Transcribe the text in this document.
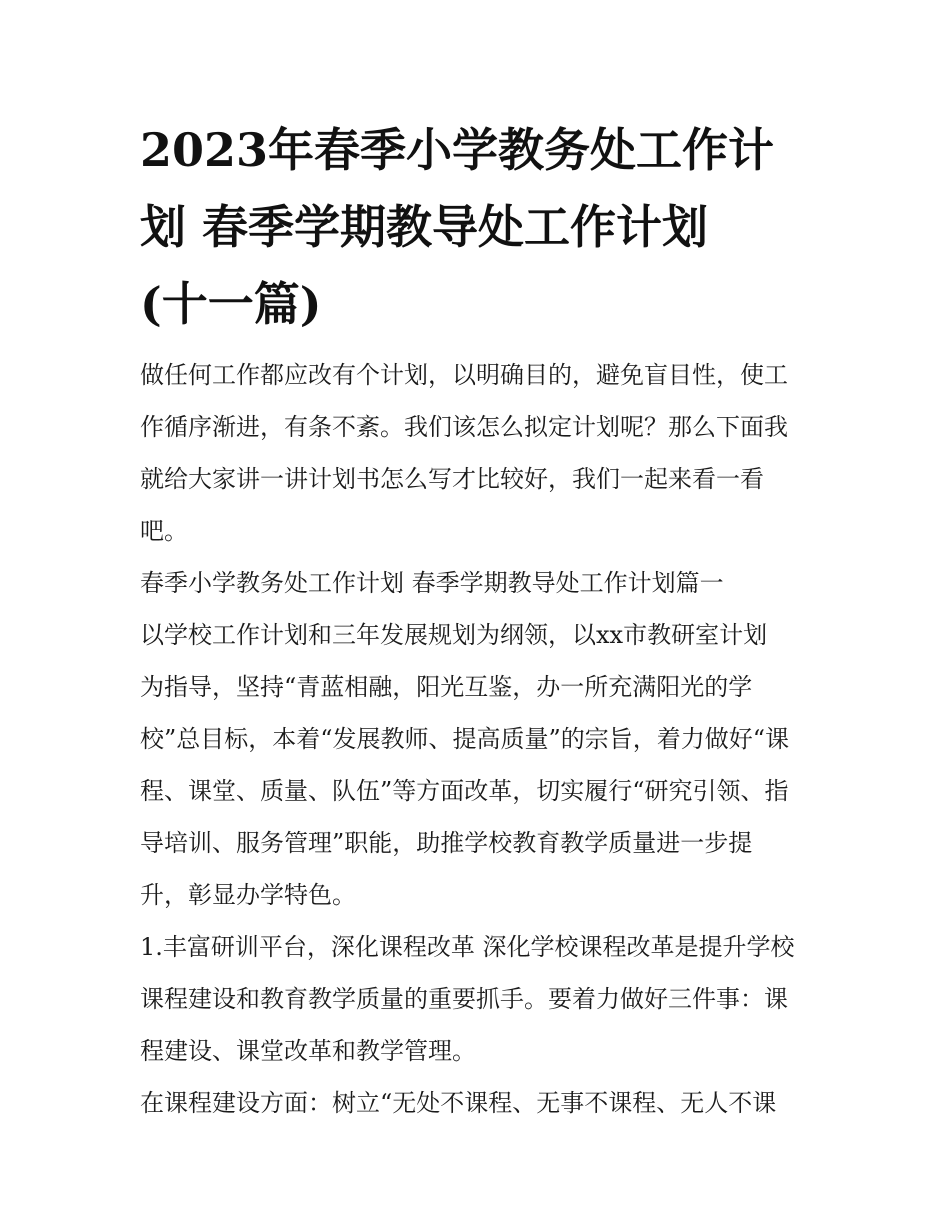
2023年春季小学教务处工作计
划 春季学期教导处工作计划
(十一篇)
做任何工作都应改有个计划，以明确目的，避免盲目性，使工
作循序渐进，有条不紊。我们该怎么拟定计划呢？那么下面我
就给大家讲一讲计划书怎么写才比较好，我们一起来看一看
吧。
春季小学教务处工作计划 春季学期教导处工作计划篇一
以学校工作计划和三年发展规划为纲领，以xx市教研室计划
为指导，坚持“青蓝相融，阳光互鉴，办一所充满阳光的学
校”总目标，本着“发展教师、提高质量”的宗旨，着力做好“课
程、课堂、质量、队伍”等方面改革，切实履行“研究引领、指
导培训、服务管理”职能，助推学校教育教学质量进一步提
升，彰显办学特色。
1.丰富研训平台，深化课程改革 深化学校课程改革是提升学校
课程建设和教育教学质量的重要抓手。要着力做好三件事：课
程建设、课堂改革和教学管理。
在课程建设方面：树立“无处不课程、无事不课程、无人不课
